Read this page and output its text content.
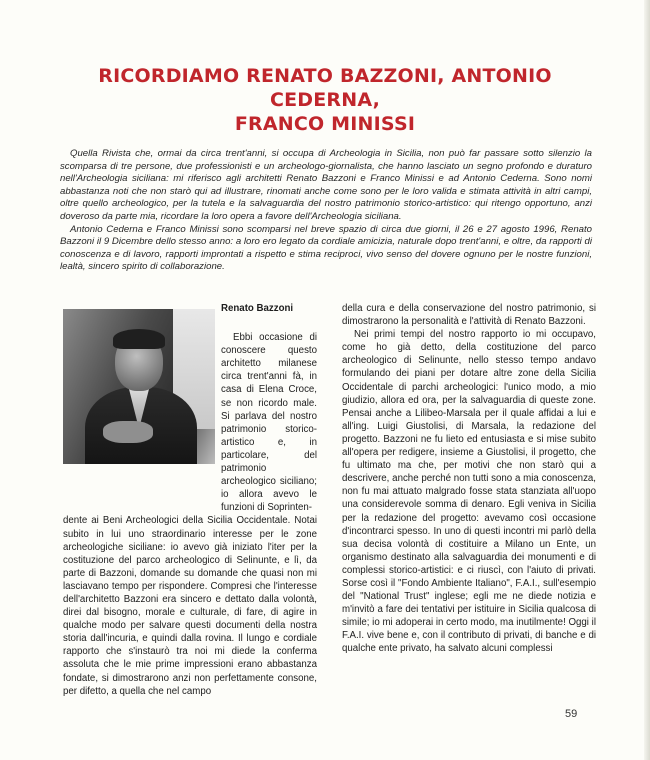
RICORDIAMO RENATO BAZZONI, ANTONIO CEDERNA,
FRANCO MINISSI

Quella Rivista che, ormai da circa trent'anni, si occupa di Archeologia in Sicilia, non può far passare sotto silenzio la scomparsa di tre persone, due professionisti e un archeologo-giornalista, che hanno lasciato un segno profondo e duraturo nell'Archeologia siciliana: mi riferisco agli architetti Renato Bazzoni e Franco Minissi e ad Antonio Cederna. Sono nomi abbastanza noti che non starò qui ad illustrare, rinomati anche come sono per le loro valida e stimata attività in altri campi, oltre quello archeologico, per la tutela e la salvaguardia del nostro patrimonio storico-artistico: qui ritengo opportuno, anzi doveroso da parte mia, ricordare la loro opera a favore dell'Archeologia siciliana.

Antonio Cederna e Franco Minissi sono scomparsi nel breve spazio di circa due giorni, il 26 e 27 agosto 1996, Renato Bazzoni il 9 Dicembre dello stesso anno: a loro ero legato da cordiale amicizia, naturale dopo trent'anni, e oltre, da rapporti di conoscenza e di lavoro, rapporti improntati a rispetto e stima reciproci, vivo senso del dovere ognuno per le nostre funzioni, lealtà, sincero spirito di collaborazione.

Renato Bazzoni

Ebbi occasione di conoscere questo architetto milanese circa trent'anni fà, in casa di Elena Croce, se non ricordo male. Si parlava del nostro patrimonio storico-artistico e, in particolare, del patrimonio archeologico siciliano; io allora avevo le funzioni di Soprinten-

dente ai Beni Archeologici della Sicilia Occidentale. Notai subito in lui uno straordinario interesse per le zone archeologiche siciliane: io avevo già iniziato l'iter per la costituzione del parco archeologico di Selinunte, e lì, da parte di Bazzoni, domande su domande che quasi non mi lasciavano tempo per rispondere. Compresi che l'interesse dell'architetto Bazzoni era sincero e dettato dalla volontà, direi dal bisogno, morale e culturale, di fare, di agire in qualche modo per salvare questi documenti della nostra storia dall'incuria, e quindi dalla rovina. Il lungo e cordiale rapporto che s'instaurò tra noi mi diede la conferma assoluta che le mie prime impressioni erano abbastanza fondate, si dimostrarono anzi non perfettamente consone, per difetto, a quella che nel campo

della cura e della conservazione del nostro patrimonio, si dimostrarono la personalità e l'attività di Renato Bazzoni.

Nei primi tempi del nostro rapporto io mi occupavo, come ho già detto, della costituzione del parco archeologico di Selinunte, nello stesso tempo andavo formulando dei piani per dotare altre zone della Sicilia Occidentale di parchi archeologici: l'unico modo, a mio giudizio, allora ed ora, per la salvaguardia di queste zone. Pensai anche a Lilibeo-Marsala per il quale affidai a lui e all'ing. Luigi Giustolisi, di Marsala, la redazione del progetto. Bazzoni ne fu lieto ed entusiasta e si mise subito all'opera per redigere, insieme a Giustolisi, il progetto, che fu ultimato ma che, per motivi che non starò qui a descrivere, anche perché non tutti sono a mia conoscenza, non fu mai attuato malgrado fosse stata stanziata all'uopo una considerevole somma di denaro. Egli veniva in Sicilia per la redazione del progetto: avevamo così occasione d'incontrarci spesso. In uno di questi incontri mi parlò della sua decisa volontà di costituire a Milano un Ente, un organismo destinato alla salvaguardia dei monumenti e di complessi storico-artistici: e ci riuscì, con l'aiuto di privati. Sorse così il "Fondo Ambiente Italiano", F.A.I., sull'esempio del "National Trust" inglese; egli me ne diede notizia e m'invitò a fare dei tentativi per istituire in Sicilia qualcosa di simile; io mi adoperai in certo modo, ma inutilmente! Oggi il F.A.I. vive bene e, con il contributo di privati, di banche e di qualche ente privato, ha salvato alcuni complessi

59
